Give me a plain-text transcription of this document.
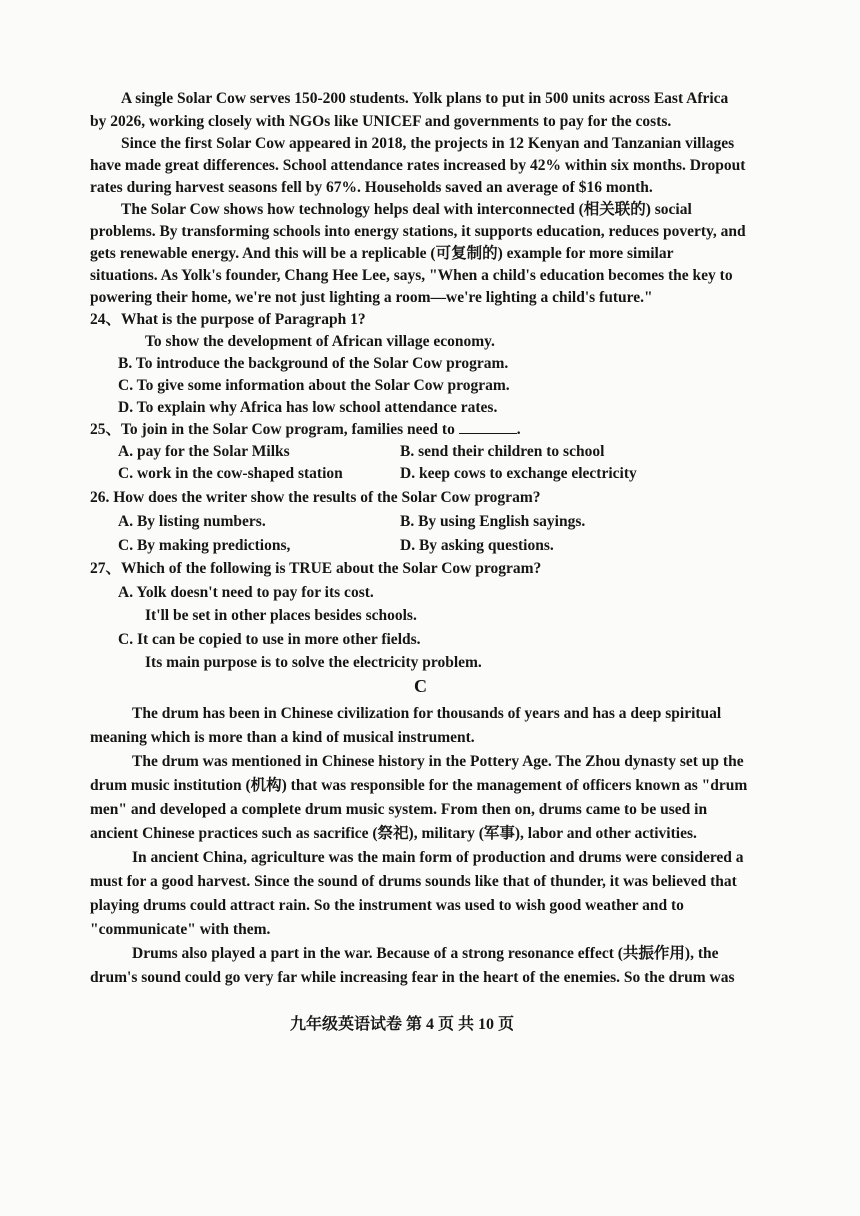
A single Solar Cow serves 150-200 students. Yolk plans to put in 500 units across East Africa
by 2026, working closely with NGOs like UNICEF and governments to pay for the costs.
Since the first Solar Cow appeared in 2018, the projects in 12 Kenyan and Tanzanian villages
have made great differences. School attendance rates increased by 42% within six months. Dropout
rates during harvest seasons fell by 67%. Households saved an average of $16 month.
The Solar Cow shows how technology helps deal with interconnected (相关联的) social
problems. By transforming schools into energy stations, it supports education, reduces poverty, and
gets renewable energy. And this will be a replicable (可复制的) example for more similar
situations. As Yolk's founder, Chang Hee Lee, says, "When a child's education becomes the key to
powering their home, we're not just lighting a room—we're lighting a child's future."
24、What is the purpose of Paragraph 1?
To show the development of African village economy.
B. To introduce the background of the Solar Cow program.
C. To give some information about the Solar Cow program.
D. To explain why Africa has low school attendance rates.
25、To join in the Solar Cow program, families need to	.
A. pay for the Solar Milks	B. send their children to school
C. work in the cow-shaped station	D. keep cows to exchange electricity
26. How does the writer show the results of the Solar Cow program?
A. By listing numbers.	B. By using English sayings.
C. By making predictions,	D. By asking questions.
27、Which of the following is TRUE about the Solar Cow program?
A. Yolk doesn't need to pay for its cost.
It'll be set in other places besides schools.
C. It can be copied to use in more other fields.
Its main purpose is to solve the electricity problem.
C
The drum has been in Chinese civilization for thousands of years and has a deep spiritual
meaning which is more than a kind of musical instrument.
The drum was mentioned in Chinese history in the Pottery Age. The Zhou dynasty set up the
drum music institution (机构) that was responsible for the management of officers known as "drum
men" and developed a complete drum music system. From then on, drums came to be used in
ancient Chinese practices such as sacrifice (祭祀), military (军事), labor and other activities.
In ancient China, agriculture was the main form of production and drums were considered a
must for a good harvest. Since the sound of drums sounds like that of thunder, it was believed that
playing drums could attract rain. So the instrument was used to wish good weather and to
"communicate" with them.
Drums also played a part in the war. Because of a strong resonance effect (共振作用), the
drum's sound could go very far while increasing fear in the heart of the enemies. So the drum was
九年级英语试卷 第 4 页 共 10 页
